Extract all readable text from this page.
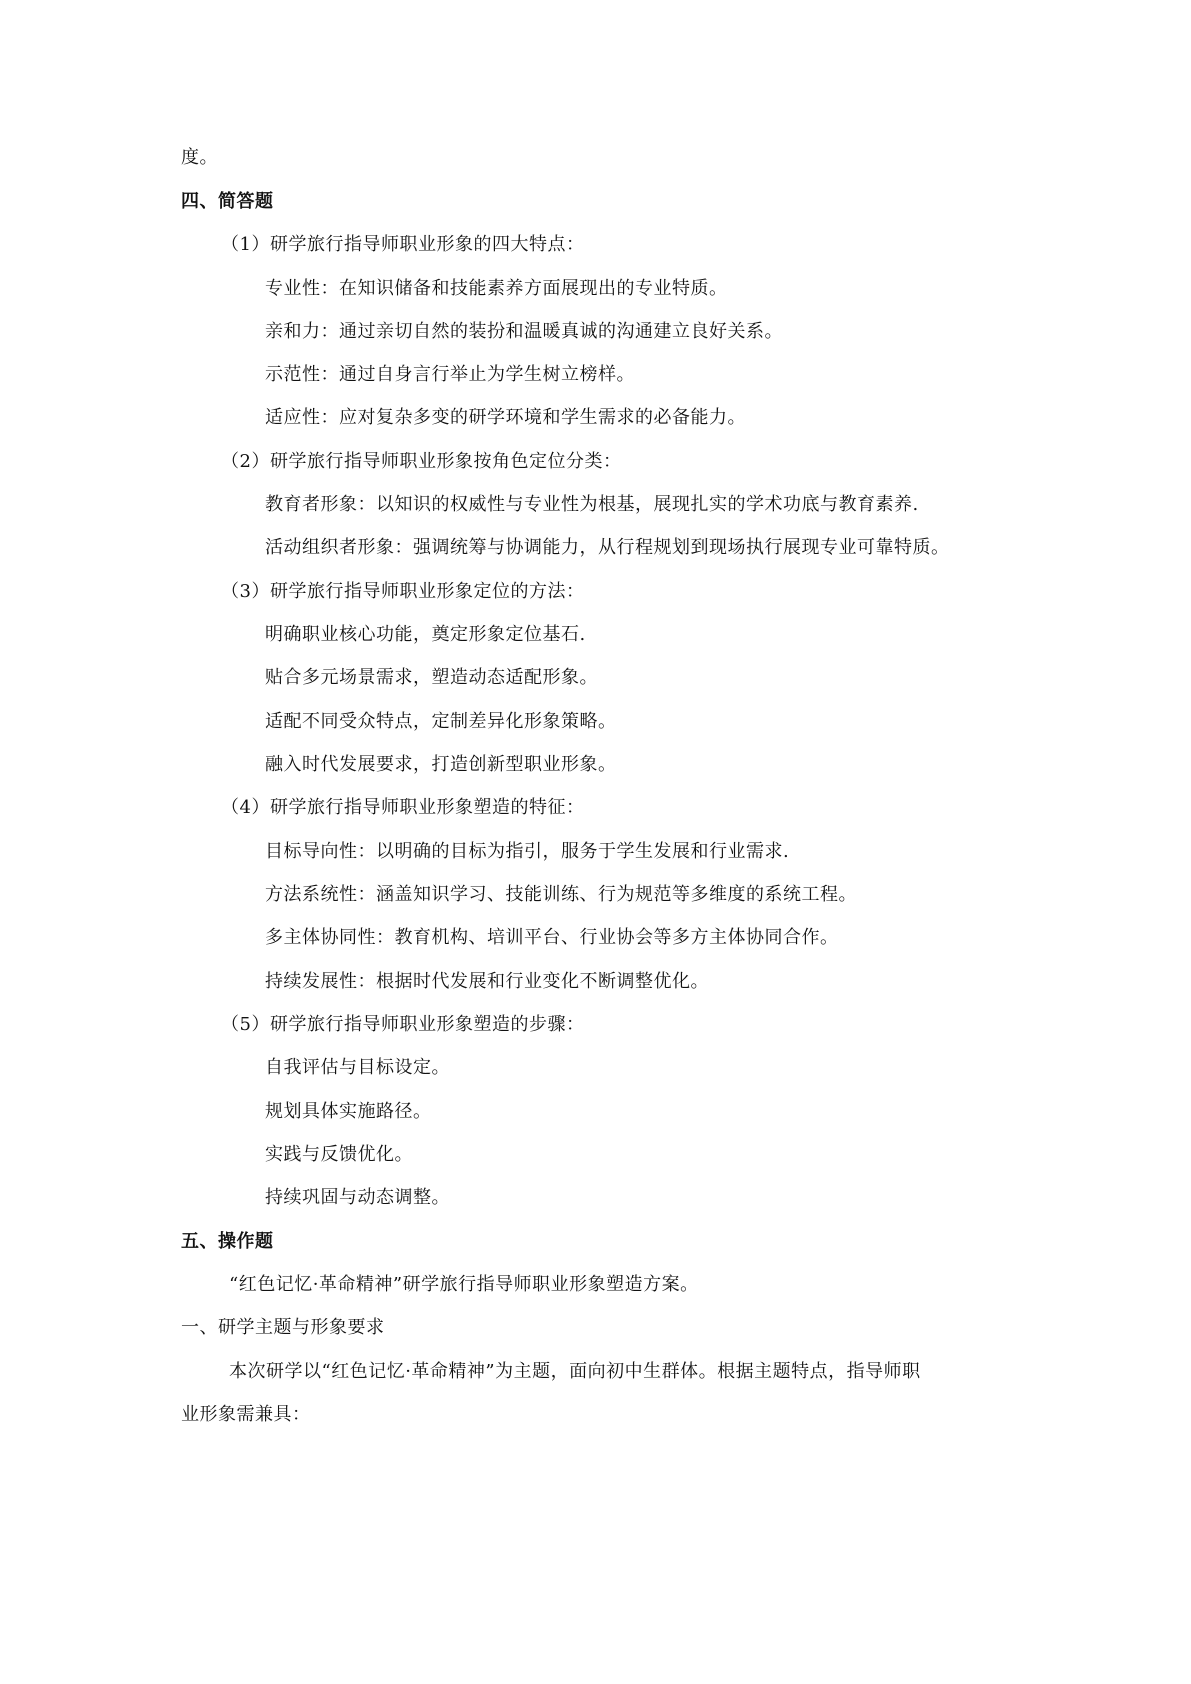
度。
四、简答题
（1）研学旅行指导师职业形象的四大特点：
专业性：在知识储备和技能素养方面展现出的专业特质。
亲和力：通过亲切自然的装扮和温暖真诚的沟通建立良好关系。
示范性：通过自身言行举止为学生树立榜样。
适应性：应对复杂多变的研学环境和学生需求的必备能力。
（2）研学旅行指导师职业形象按角色定位分类：
教育者形象：以知识的权威性与专业性为根基，展现扎实的学术功底与教育素养.
活动组织者形象：强调统筹与协调能力，从行程规划到现场执行展现专业可靠特质。
（3）研学旅行指导师职业形象定位的方法：
明确职业核心功能，奠定形象定位基石.
贴合多元场景需求，塑造动态适配形象。
适配不同受众特点，定制差异化形象策略。
融入时代发展要求，打造创新型职业形象。
（4）研学旅行指导师职业形象塑造的特征：
目标导向性：以明确的目标为指引，服务于学生发展和行业需求.
方法系统性：涵盖知识学习、技能训练、行为规范等多维度的系统工程。
多主体协同性：教育机构、培训平台、行业协会等多方主体协同合作。
持续发展性：根据时代发展和行业变化不断调整优化。
（5）研学旅行指导师职业形象塑造的步骤：
自我评估与目标设定。
规划具体实施路径。
实践与反馈优化。
持续巩固与动态调整。
五、操作题
“红色记忆·革命精神”研学旅行指导师职业形象塑造方案。
一、研学主题与形象要求
本次研学以“红色记忆·革命精神”为主题，面向初中生群体。根据主题特点，指导师职
业形象需兼具：
